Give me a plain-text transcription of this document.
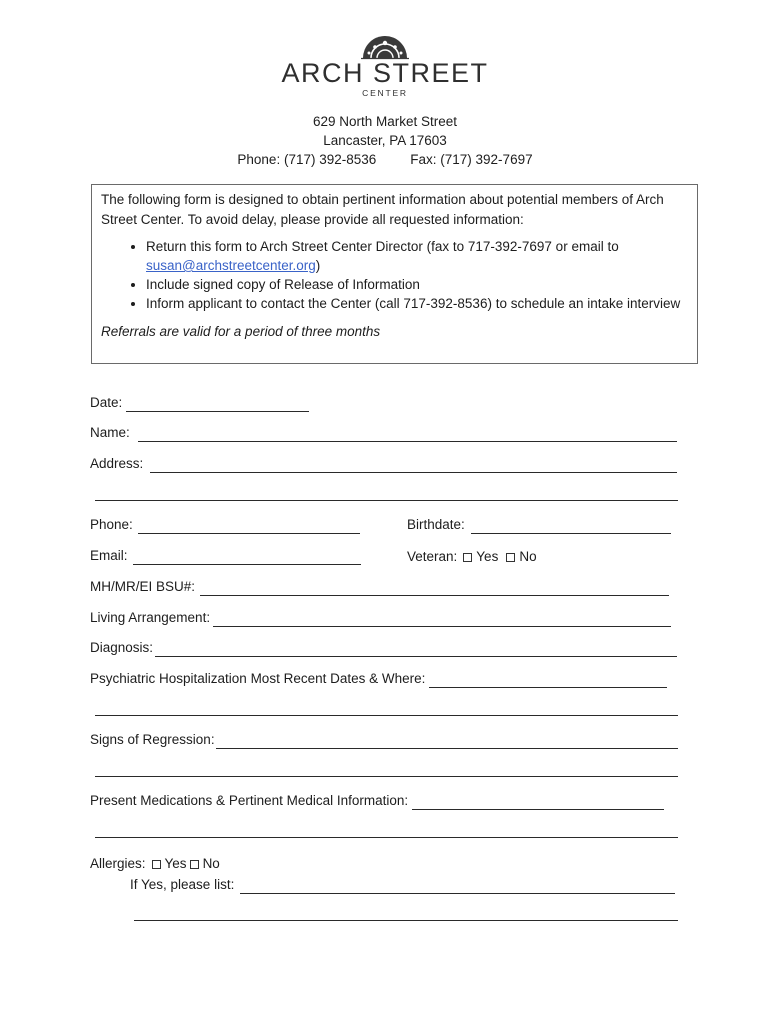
ARCH STREET
CENTER
629 North Market Street
Lancaster, PA 17603
Phone: (717) 392-8536	Fax: (717) 392-7697

The following form is designed to obtain pertinent information about potential members of Arch Street Center. To avoid delay, please provide all requested information:

• Return this form to Arch Street Center Director (fax to 717-392-7697 or email to susan@archstreetcenter.org)
• Include signed copy of Release of Information
• Inform applicant to contact the Center (call 717-392-8536) to schedule an intake interview

Referrals are valid for a period of three months

Date:
Name:
Address:
Phone:	Birthdate:
Email:	Veteran: Yes No
MH/MR/EI BSU#:
Living Arrangement:
Diagnosis:
Psychiatric Hospitalization Most Recent Dates & Where:
Signs of Regression:
Present Medications & Pertinent Medical Information:
Allergies: Yes No
If Yes, please list:
